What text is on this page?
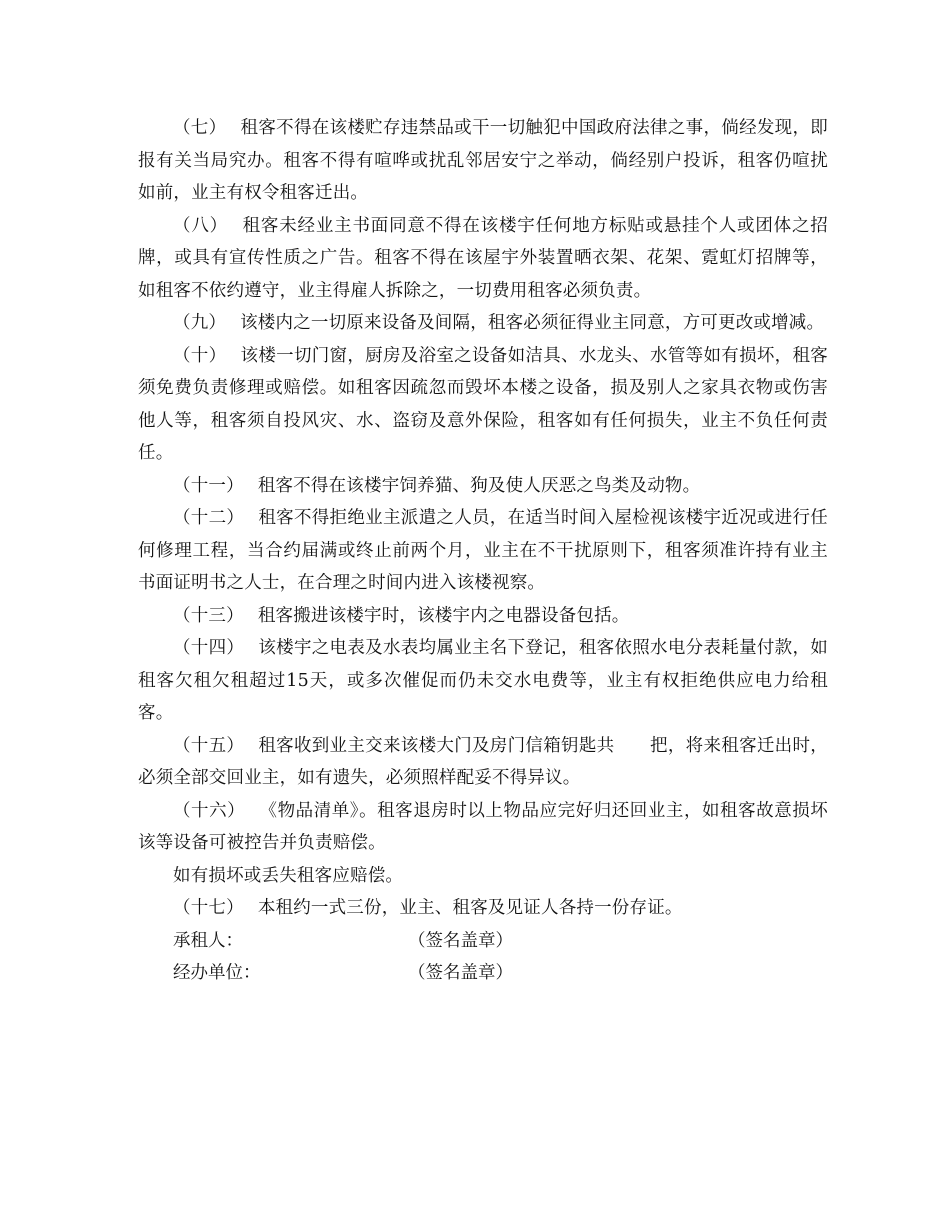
（七） 租客不得在该楼贮存违禁品或干一切触犯中国政府法律之事，倘经发现，即报有关当局究办。租客不得有喧哗或扰乱邻居安宁之举动，倘经别户投诉，租客仍喧扰如前，业主有权令租客迁出。

（八） 租客未经业主书面同意不得在该楼宇任何地方标贴或悬挂个人或团体之招牌，或具有宣传性质之广告。租客不得在该屋宇外装置晒衣架、花架、霓虹灯招牌等，如租客不依约遵守，业主得雇人拆除之，一切费用租客必须负责。

（九） 该楼内之一切原来设备及间隔，租客必须征得业主同意，方可更改或增减。

（十） 该楼一切门窗，厨房及浴室之设备如洁具、水龙头、水管等如有损坏，租客须免费负责修理或赔偿。如租客因疏忽而毁坏本楼之设备，损及别人之家具衣物或伤害他人等，租客须自投风灾、水、盗窃及意外保险，租客如有任何损失，业主不负任何责任。

（十一） 租客不得在该楼宇饲养猫、狗及使人厌恶之鸟类及动物。

（十二） 租客不得拒绝业主派遣之人员，在适当时间入屋检视该楼宇近况或进行任何修理工程，当合约届满或终止前两个月，业主在不干扰原则下，租客须准许持有业主书面证明书之人士，在合理之时间内进入该楼视察。

（十三） 租客搬进该楼宇时，该楼宇内之电器设备包括。

（十四） 该楼宇之电表及水表均属业主名下登记，租客依照水电分表耗量付款，如租客欠租欠租超过15天，或多次催促而仍未交水电费等，业主有权拒绝供应电力给租客。

（十五） 租客收到业主交来该楼大门及房门信箱钥匙共　　把，将来租客迁出时，必须全部交回业主，如有遗失，必须照样配妥不得异议。

（十六） 《物品清单》。租客退房时以上物品应完好归还回业主，如租客故意损坏该等设备可被控告并负责赔偿。

如有损坏或丢失租客应赔偿。

（十七） 本租约一式三份，业主、租客及见证人各持一份存证。

承租人：	（签名盖章）
经办单位：	（签名盖章）
